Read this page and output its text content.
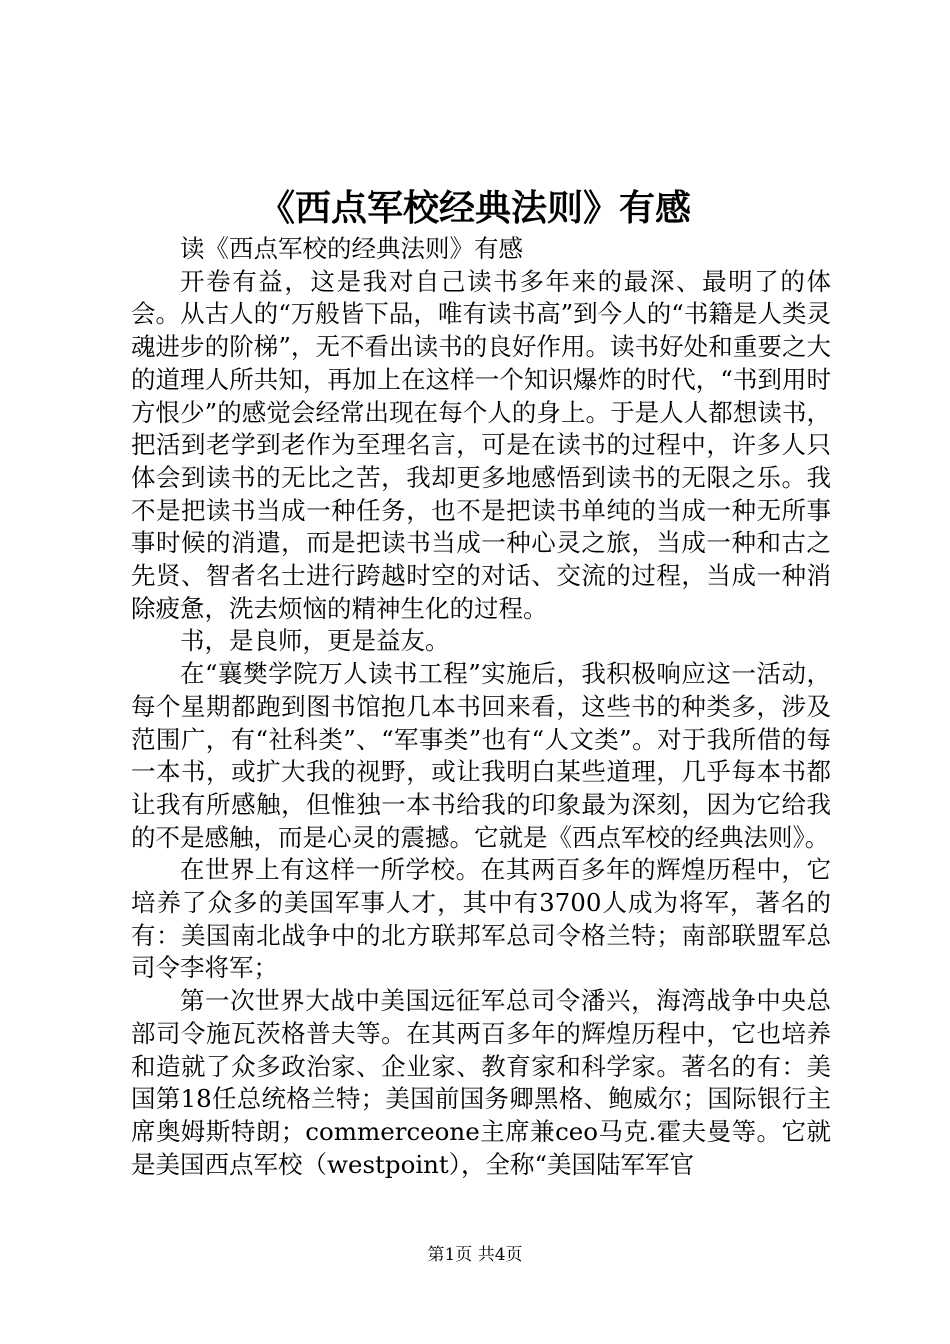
《西点军校经典法则》有感

读《西点军校的经典法则》有感

开卷有益，这是我对自己读书多年来的最深、最明了的体会。从古人的“万般皆下品，唯有读书高”到今人的“书籍是人类灵魂进步的阶梯”，无不看出读书的良好作用。读书好处和重要之大的道理人所共知，再加上在这样一个知识爆炸的时代，“书到用时方恨少”的感觉会经常出现在每个人的身上。于是人人都想读书，把活到老学到老作为至理名言，可是在读书的过程中，许多人只体会到读书的无比之苦，我却更多地感悟到读书的无限之乐。我不是把读书当成一种任务，也不是把读书单纯的当成一种无所事事时候的消遣，而是把读书当成一种心灵之旅，当成一种和古之先贤、智者名士进行跨越时空的对话、交流的过程，当成一种消除疲惫，洗去烦恼的精神生化的过程。

书，是良师，更是益友。

在“襄樊学院万人读书工程”实施后，我积极响应这一活动，每个星期都跑到图书馆抱几本书回来看，这些书的种类多，涉及范围广，有“社科类”、“军事类”也有“人文类”。对于我所借的每一本书，或扩大我的视野，或让我明白某些道理，几乎每本书都让我有所感触，但惟独一本书给我的印象最为深刻，因为它给我的不是感触，而是心灵的震撼。它就是《西点军校的经典法则》。

在世界上有这样一所学校。在其两百多年的辉煌历程中，它培养了众多的美国军事人才，其中有3700人成为将军，著名的有：美国南北战争中的北方联邦军总司令格兰特；南部联盟军总司令李将军；

第一次世界大战中美国远征军总司令潘兴，海湾战争中央总部司令施瓦茨格普夫等。在其两百多年的辉煌历程中，它也培养和造就了众多政治家、企业家、教育家和科学家。著名的有：美国第18任总统格兰特；美国前国务卿黑格、鲍威尔；国际银行主席奥姆斯特朗；commerceone主席兼ceo马克.霍夫曼等。它就是美国西点军校（westpoint），全称“美国陆军军官

第1页 共4页
